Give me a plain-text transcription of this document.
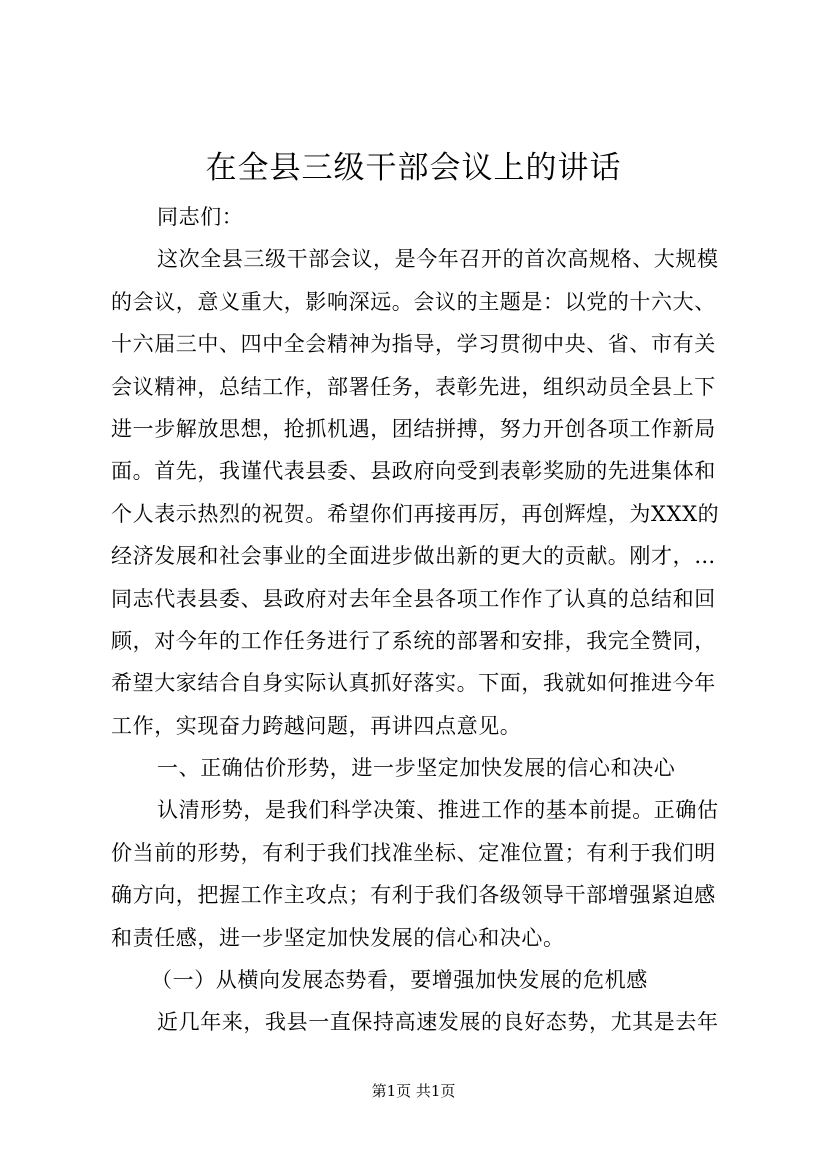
在全县三级干部会议上的讲话
同志们：
这次全县三级干部会议，是今年召开的首次高规格、大规模
的会议，意义重大，影响深远。会议的主题是：以党的十六大、
十六届三中、四中全会精神为指导，学习贯彻中央、省、市有关
会议精神，总结工作，部署任务，表彰先进，组织动员全县上下
进一步解放思想，抢抓机遇，团结拼搏，努力开创各项工作新局
面。首先，我谨代表县委、县政府向受到表彰奖励的先进集体和
个人表示热烈的祝贺。希望你们再接再厉，再创辉煌，为XXX的
经济发展和社会事业的全面进步做出新的更大的贡献。刚才，…
同志代表县委、县政府对去年全县各项工作作了认真的总结和回
顾，对今年的工作任务进行了系统的部署和安排，我完全赞同，
希望大家结合自身实际认真抓好落实。下面，我就如何推进今年
工作，实现奋力跨越问题，再讲四点意见。
一、正确估价形势，进一步坚定加快发展的信心和决心
认清形势，是我们科学决策、推进工作的基本前提。正确估
价当前的形势，有利于我们找准坐标、定准位置；有利于我们明
确方向，把握工作主攻点；有利于我们各级领导干部增强紧迫感
和责任感，进一步坚定加快发展的信心和决心。
（一）从横向发展态势看，要增强加快发展的危机感
近几年来，我县一直保持高速发展的良好态势，尤其是去年
第1页 共1页
